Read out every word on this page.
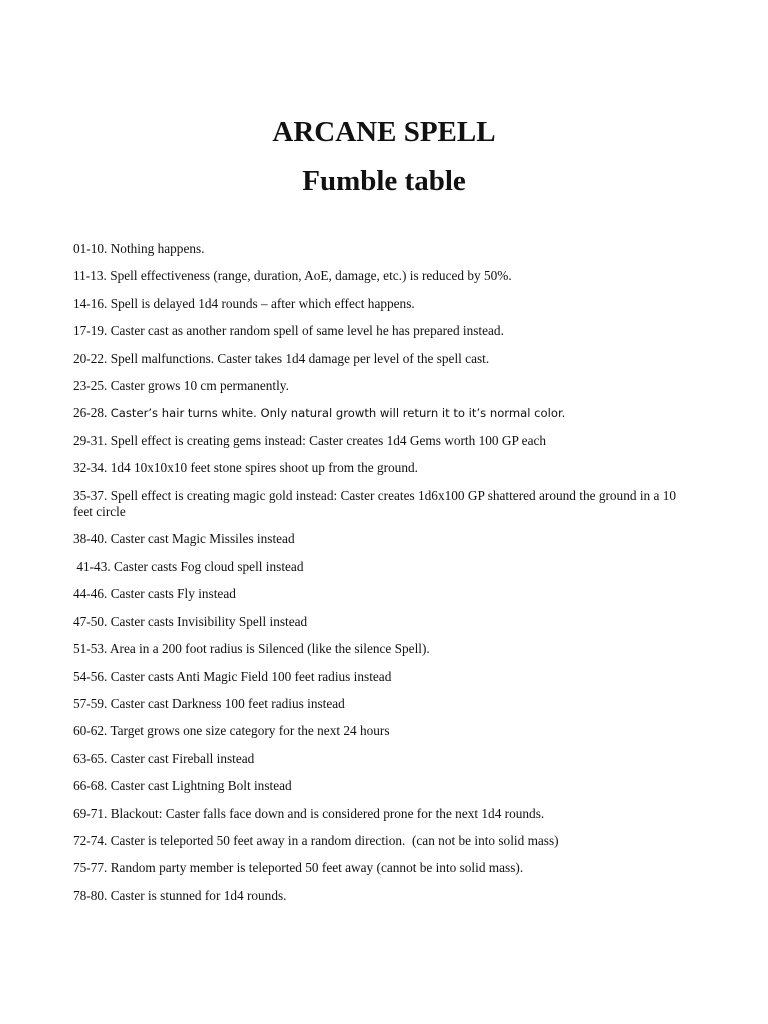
ARCANE SPELL
Fumble table
01-10. Nothing happens.
11-13. Spell effectiveness (range, duration, AoE, damage, etc.) is reduced by 50%.
14-16. Spell is delayed 1d4 rounds – after which effect happens.
17-19. Caster cast as another random spell of same level he has prepared instead.
20-22. Spell malfunctions. Caster takes 1d4 damage per level of the spell cast.
23-25. Caster grows 10 cm permanently.
26-28. Caster’s hair turns white. Only natural growth will return it to it’s normal color.
29-31. Spell effect is creating gems instead: Caster creates 1d4 Gems worth 100 GP each
32-34. 1d4 10x10x10 feet stone spires shoot up from the ground.
35-37. Spell effect is creating magic gold instead: Caster creates 1d6x100 GP shattered around the ground in a 10 feet circle
38-40. Caster cast Magic Missiles instead
41-43. Caster casts Fog cloud spell instead
44-46. Caster casts Fly instead
47-50. Caster casts Invisibility Spell instead
51-53. Area in a 200 foot radius is Silenced (like the silence Spell).
54-56. Caster casts Anti Magic Field 100 feet radius instead
57-59. Caster cast Darkness 100 feet radius instead
60-62. Target grows one size category for the next 24 hours
63-65. Caster cast Fireball instead
66-68. Caster cast Lightning Bolt instead
69-71. Blackout: Caster falls face down and is considered prone for the next 1d4 rounds.
72-74. Caster is teleported 50 feet away in a random direction.  (can not be into solid mass)
75-77. Random party member is teleported 50 feet away (cannot be into solid mass).
78-80. Caster is stunned for 1d4 rounds.
